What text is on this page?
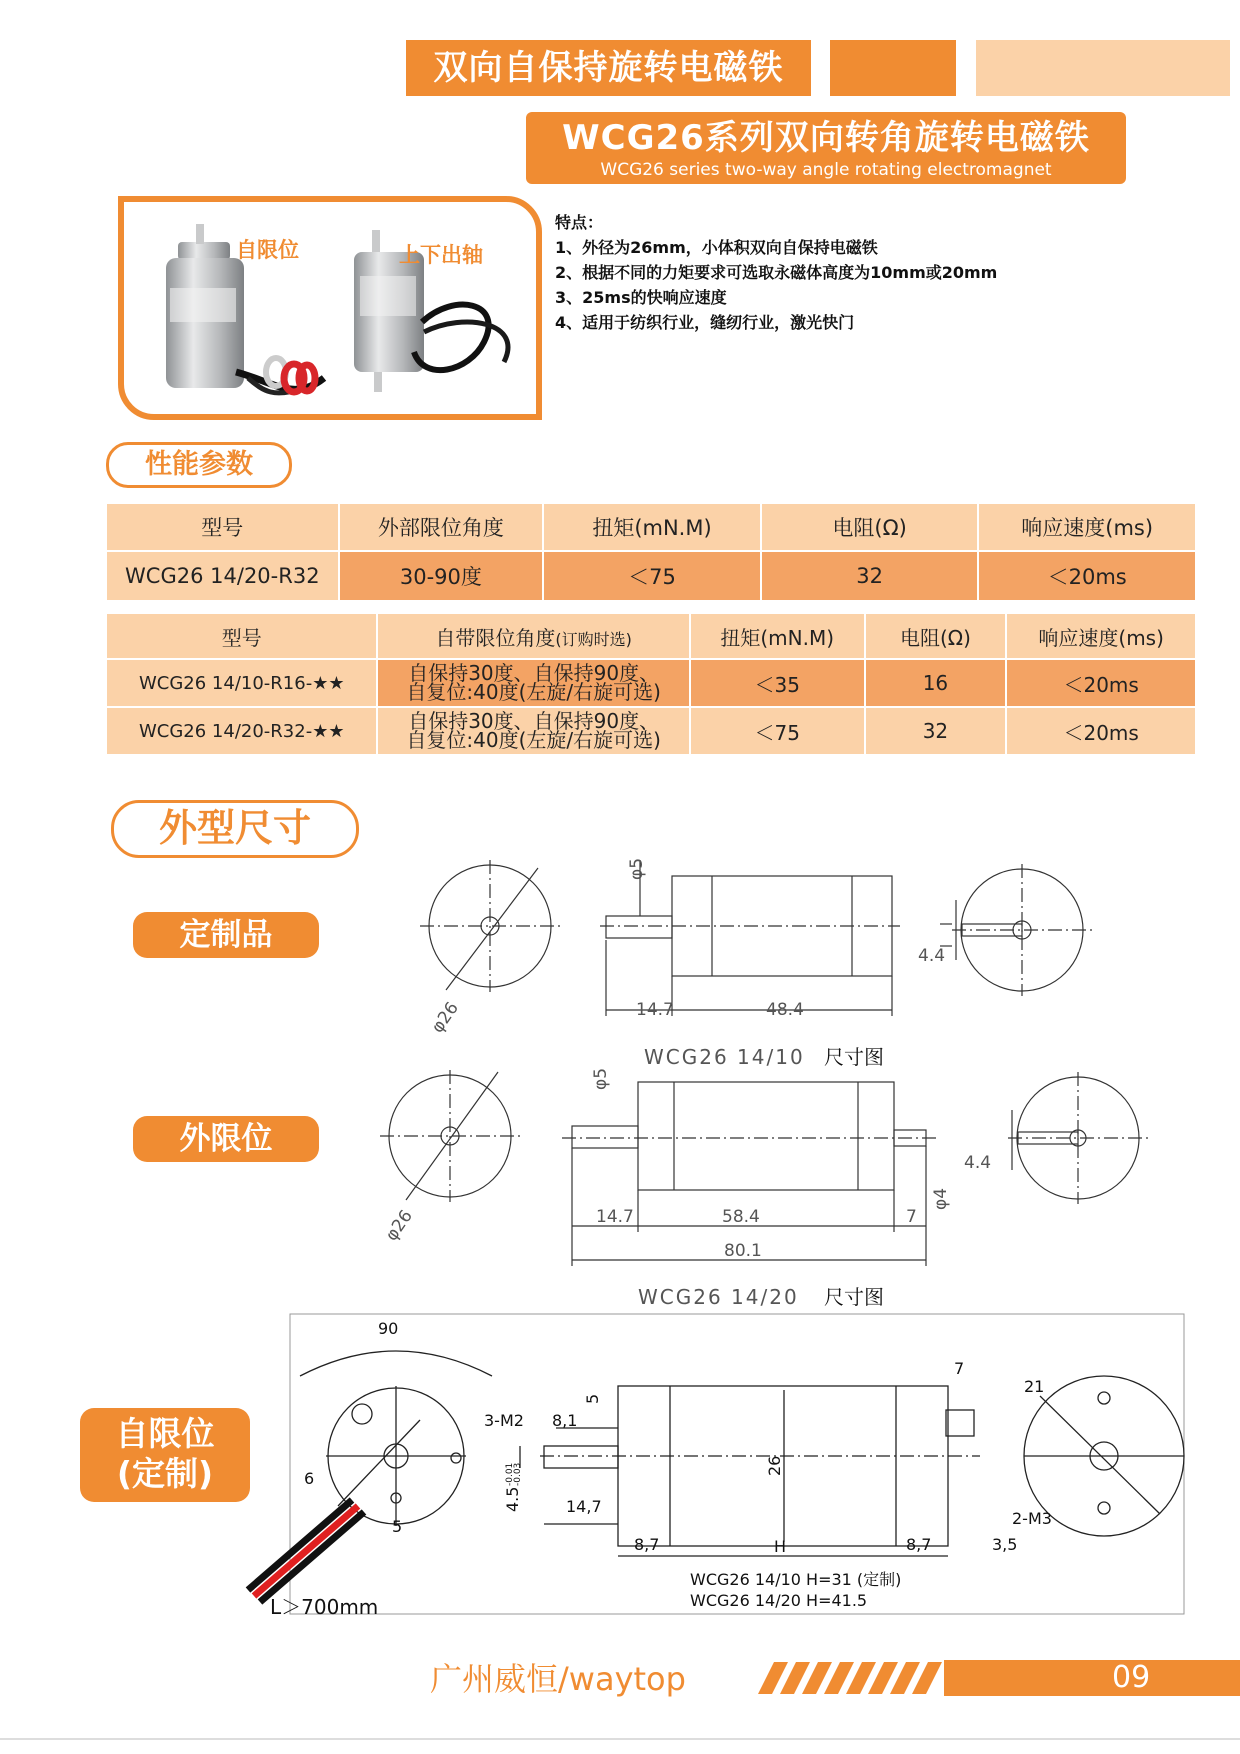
双向自保持旋转电磁铁
WCG26系列双向转角旋转电磁铁
WCG26 series two-way angle rotating electromagnet
自限位	上下出轴
特点：
1、外径为26mm，小体积双向自保持电磁铁
2、根据不同的力矩要求可选取永磁体高度为10mm或20mm
3、25ms的快响应速度
4、适用于纺织行业，缝纫行业，激光快门
性能参数
型号	外部限位角度	扭矩(mN.M)	电阻(Ω)	响应速度(ms)
WCG26 14/20-R32	30-90度	＜75	32	＜20ms
型号	自带限位角度(订购时选)	扭矩(mN.M)	电阻(Ω)	响应速度(ms)
WCG26 14/10-R16-★★	自保持30度、自保持90度、
自复位:40度(左旋/右旋可选)	＜35	16	＜20ms
WCG26 14/20-R32-★★	自保持30度、自保持90度、
自复位:40度(左旋/右旋可选)	＜75	32	＜20ms
外型尺寸
定制品
外限位
自限位
(定制)
φ5
4.4
14.7	48.4
φ26
WCG26 14/10 尺寸图
φ5
4.4
φ4
14.7	58.4	7
80.1
φ26
WCG26 14/20 尺寸图
90
3-M2
6
5
8,1
5
26
4.5
-0.01
-0.03
14,7
8,7	H	8,7	3,5
7
21
2-M3
WCG26 14/10 H=31 (定制)
WCG26 14/20 H=41.5
L＞700mm
广州威恒/waytop	09
